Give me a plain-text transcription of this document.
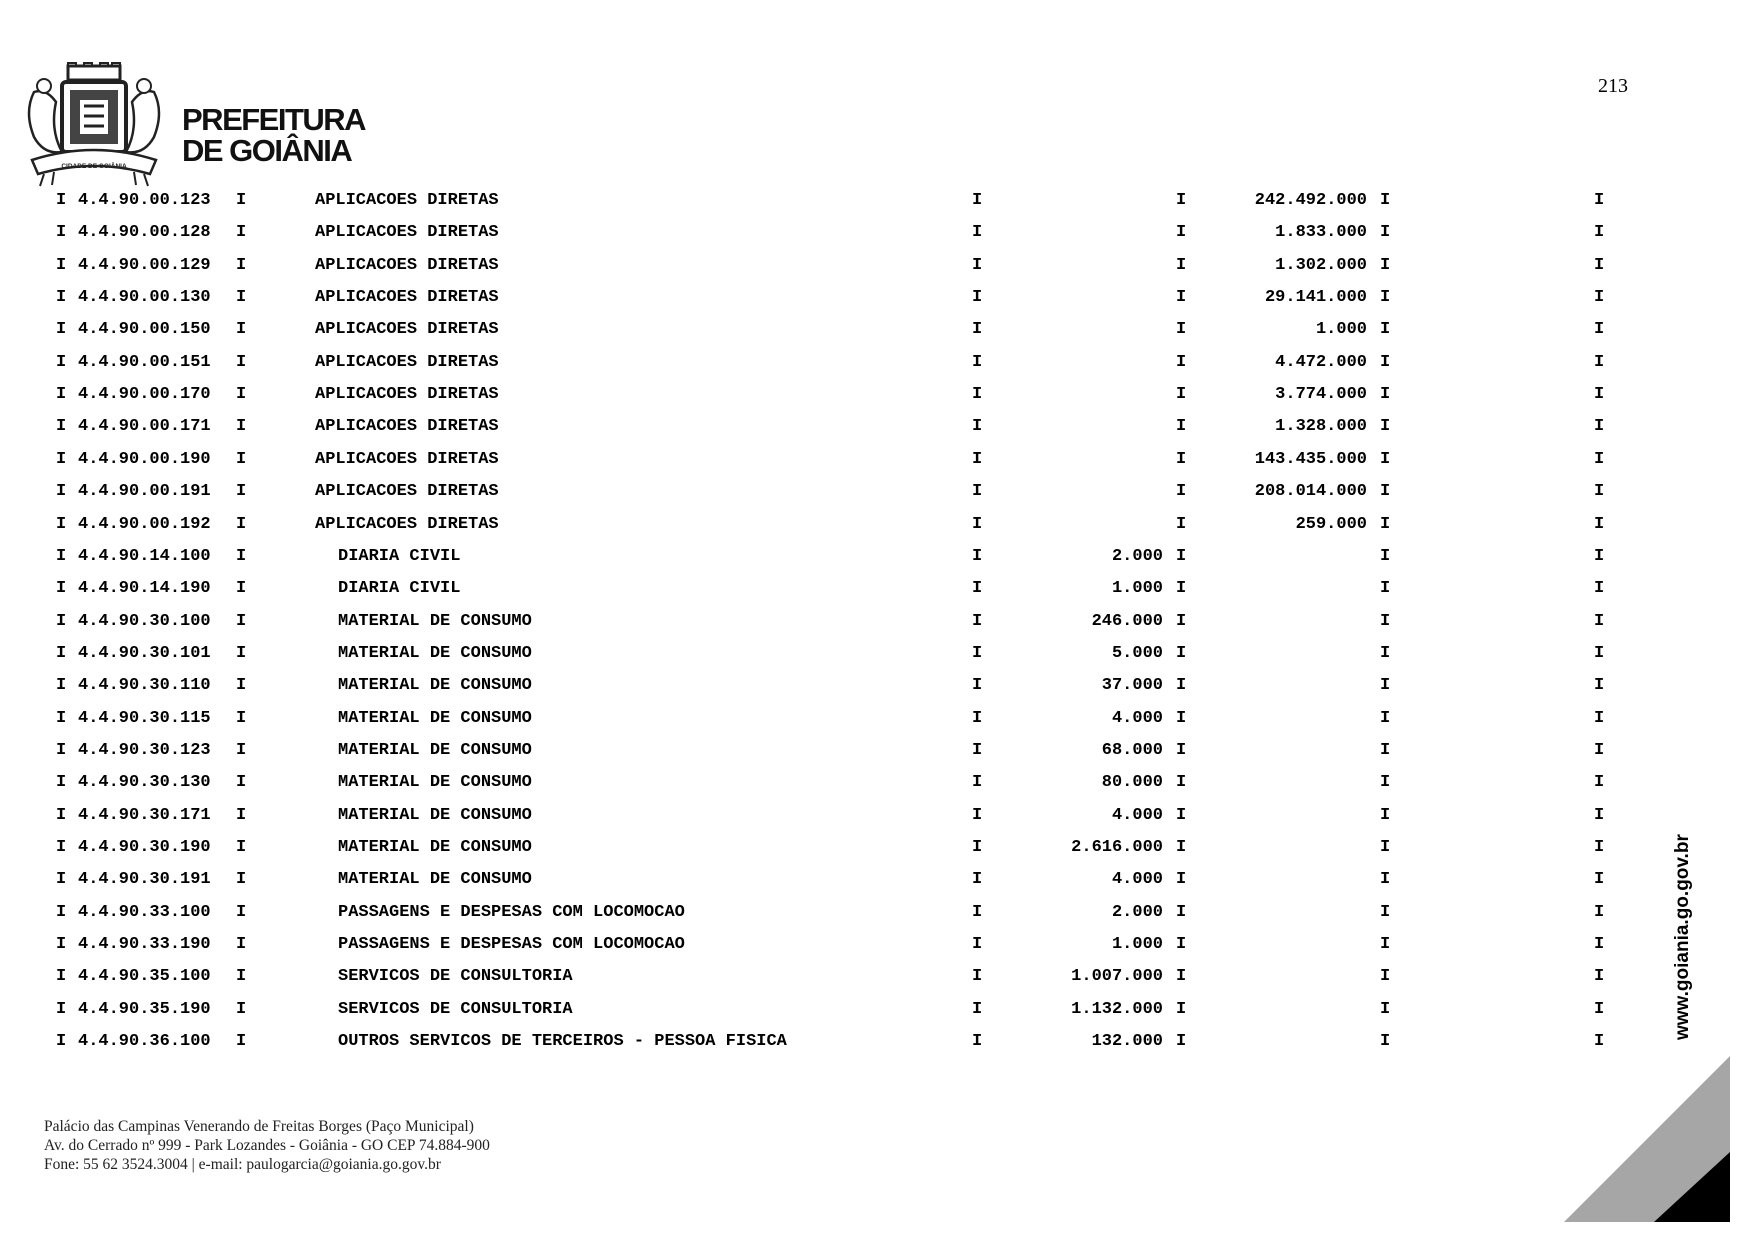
213
CIDADE DE GOIÂNIA
PREFEITURA
DE GOIÂNIA
I 4.4.90.00.123 I	APLICACOES DIRETAS	I	I	242.492.000 I	I
I 4.4.90.00.128 I	APLICACOES DIRETAS	I	I	1.833.000 I	I
I 4.4.90.00.129 I	APLICACOES DIRETAS	I	I	1.302.000 I	I
I 4.4.90.00.130 I	APLICACOES DIRETAS	I	I	29.141.000 I	I
I 4.4.90.00.150 I	APLICACOES DIRETAS	I	I	1.000 I	I
I 4.4.90.00.151 I	APLICACOES DIRETAS	I	I	4.472.000 I	I
I 4.4.90.00.170 I	APLICACOES DIRETAS	I	I	3.774.000 I	I
I 4.4.90.00.171 I	APLICACOES DIRETAS	I	I	1.328.000 I	I
I 4.4.90.00.190 I	APLICACOES DIRETAS	I	I	143.435.000 I	I
I 4.4.90.00.191 I	APLICACOES DIRETAS	I	I	208.014.000 I	I
I 4.4.90.00.192 I	APLICACOES DIRETAS	I	I	259.000 I	I
I 4.4.90.14.100 I	DIARIA CIVIL	I	2.000 I	I	I
I 4.4.90.14.190 I	DIARIA CIVIL	I	1.000 I	I	I
I 4.4.90.30.100 I	MATERIAL DE CONSUMO	I	246.000 I	I	I
I 4.4.90.30.101 I	MATERIAL DE CONSUMO	I	5.000 I	I	I
I 4.4.90.30.110 I	MATERIAL DE CONSUMO	I	37.000 I	I	I
I 4.4.90.30.115 I	MATERIAL DE CONSUMO	I	4.000 I	I	I
I 4.4.90.30.123 I	MATERIAL DE CONSUMO	I	68.000 I	I	I
I 4.4.90.30.130 I	MATERIAL DE CONSUMO	I	80.000 I	I	I
I 4.4.90.30.171 I	MATERIAL DE CONSUMO	I	4.000 I	I	I
I 4.4.90.30.190 I	MATERIAL DE CONSUMO	I	2.616.000 I	I	I
I 4.4.90.30.191 I	MATERIAL DE CONSUMO	I	4.000 I	I	I
I 4.4.90.33.100 I	PASSAGENS E DESPESAS COM LOCOMOCAO	I	2.000 I	I	I
I 4.4.90.33.190 I	PASSAGENS E DESPESAS COM LOCOMOCAO	I	1.000 I	I	I
I 4.4.90.35.100 I	SERVICOS DE CONSULTORIA	I	1.007.000 I	I	I
I 4.4.90.35.190 I	SERVICOS DE CONSULTORIA	I	1.132.000 I	I	I
I 4.4.90.36.100 I	OUTROS SERVICOS DE TERCEIROS - PESSOA FISICA	I	132.000 I	I	I
www.goiania.go.gov.br
Palácio das Campinas Venerando de Freitas Borges (Paço Municipal)
Av. do Cerrado nº 999 - Park Lozandes - Goiânia - GO CEP 74.884-900
Fone: 55 62 3524.3004 | e-mail: paulogarcia@goiania.go.gov.br
